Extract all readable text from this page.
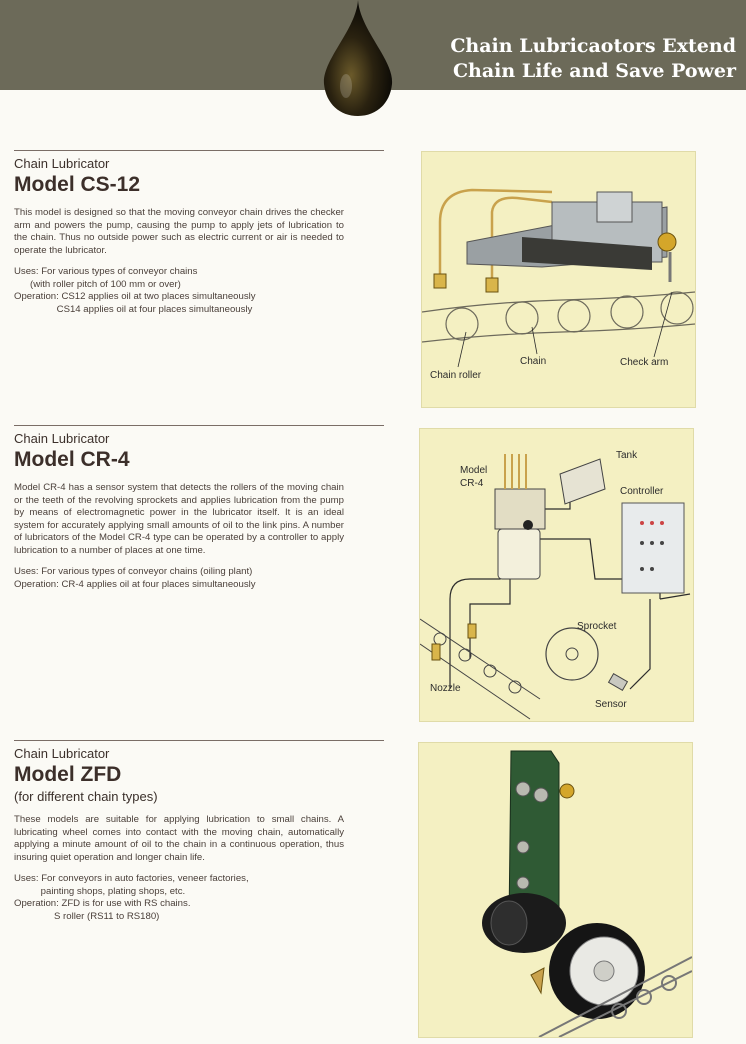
Chain Lubricaotors Extend
Chain Life and Save Power
Chain Lubricator
Model CS-12
This model is designed so that the moving conveyor chain drives the checker arm and powers the pump, causing the pump to apply jets of lubrication to the chain. Thus no outside power such as electric current or air is needed to operate the lubricator.
Uses: For various types of conveyor chains
(with roller pitch of 100 mm or over)
Operation: CS12 applies oil at two places simultaneously
CS14 applies oil at four places simultaneously
Chain roller
Chain	Check arm
Chain Lubricator
Model CR-4
Model CR-4 has a sensor system that detects the rollers of the moving chain or the teeth of the revolving sprockets and applies lubrication from the pump by means of electromagnetic power in the lubricator itself. It is an ideal system for accurately applying small amounts of oil to the link pins. A number of lubricators of the Model CR-4 type can be operated by a controller to apply lubrication to a number of places at one time.
Uses: For various types of conveyor chains (oiling plant)
Operation: CR-4 applies oil at four places simultaneously
Model
CR-4
Tank
Controller
Sprocket
Nozzle
Sensor
Chain Lubricator
Model ZFD
(for different chain types)
These models are suitable for applying lubrication to small chains. A lubricating wheel comes into contact with the moving chain, automatically applying a minute amount of oil to the chain in a continuous operation, thus insuring quiet operation and longer chain life.
Uses: For conveyors in auto factories, veneer factories,
painting shops, plating shops, etc.
Operation: ZFD is for use with RS chains.
S roller (RS11 to RS180)
